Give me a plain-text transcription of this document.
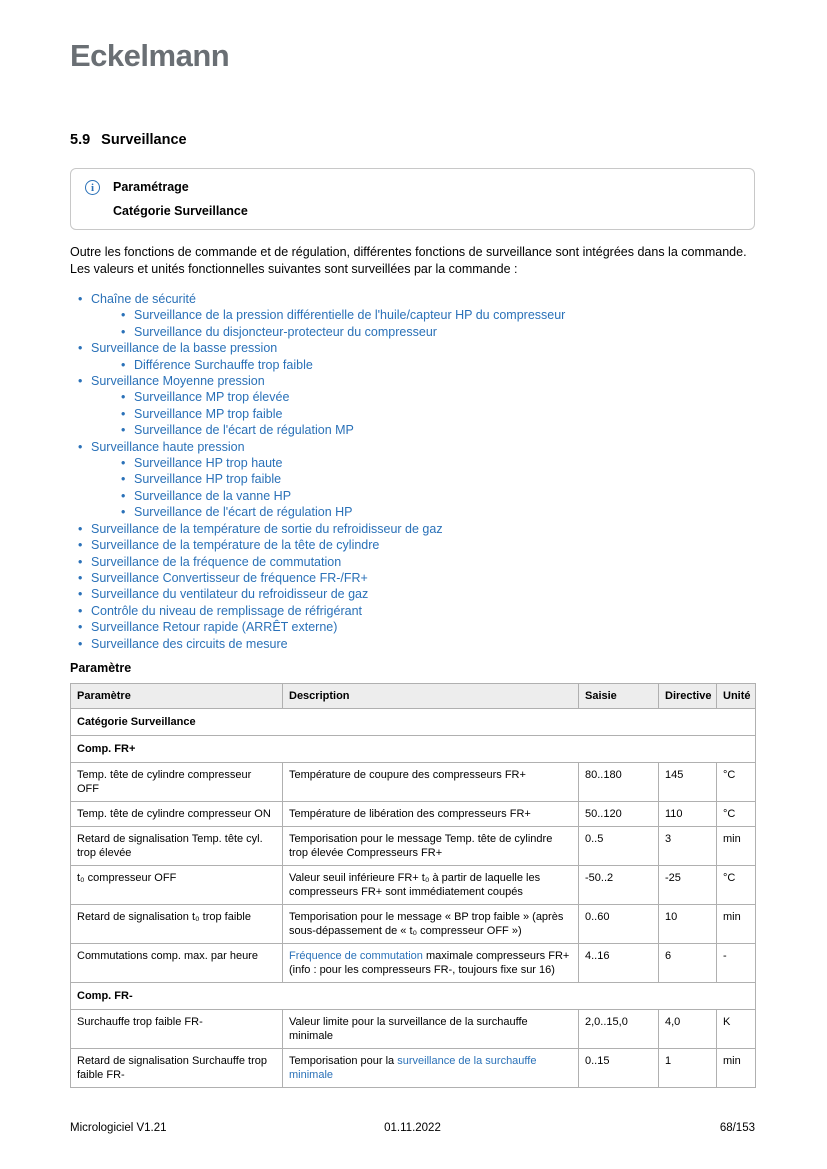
Eckelmann
5.9 Surveillance
i	Paramétrage
Catégorie Surveillance

Outre les fonctions de commande et de régulation, différentes fonctions de surveillance sont intégrées dans la commande. Les valeurs et unités fonctionnelles suivantes sont surveillées par la commande :

• Chaîne de sécurité
• Surveillance de la pression différentielle de l'huile/capteur HP du compresseur
• Surveillance du disjoncteur-protecteur du compresseur
• Surveillance de la basse pression
• Différence Surchauffe trop faible
• Surveillance Moyenne pression
• Surveillance MP trop élevée
• Surveillance MP trop faible
• Surveillance de l'écart de régulation MP
• Surveillance haute pression
• Surveillance HP trop haute
• Surveillance HP trop faible
• Surveillance de la vanne HP
• Surveillance de l'écart de régulation HP
• Surveillance de la température de sortie du refroidisseur de gaz
• Surveillance de la température de la tête de cylindre
• Surveillance de la fréquence de commutation
• Surveillance Convertisseur de fréquence FR-/FR+
• Surveillance du ventilateur du refroidisseur de gaz
• Contrôle du niveau de remplissage de réfrigérant
• Surveillance Retour rapide (ARRÊT externe)
• Surveillance des circuits de mesure
Paramètre
Paramètre	Description	Saisie	Directive	Unité
Catégorie Surveillance				
Comp. FR+				
Temp. tête de cylindre compresseur OFF	Température de coupure des compresseurs FR+	80..180	145	°C
Temp. tête de cylindre compresseur ON	Température de libération des compresseurs FR+	50..120	110	°C
Retard de signalisation Temp. tête cyl. trop élevée	Temporisation pour le message Temp. tête de cylindre trop élevée Compresseurs FR+	0..5	3	min
t₀ compresseur OFF	Valeur seuil inférieure FR+ t₀ à partir de laquelle les compresseurs FR+ sont immédiatement coupés	-50..2	-25	°C
Retard de signalisation t₀ trop faible	Temporisation pour le message « BP trop faible » (après sous-dépassement de « t₀ compresseur OFF »)	0..60	10	min
Commutations comp. max. par heure	Fréquence de commutation maximale compresseurs FR+ (info : pour les compresseurs FR-, toujours fixe sur 16)	4..16	6	-
Comp. FR-				
Surchauffe trop faible FR-	Valeur limite pour la surveillance de la surchauffe minimale	2,0..15,0	4,0	K
Retard de signalisation Surchauffe trop faible FR-	Temporisation pour la surveillance de la surchauffe minimale	0..15	1	min
Micrologiciel V1.21	01.11.2022	68/153
